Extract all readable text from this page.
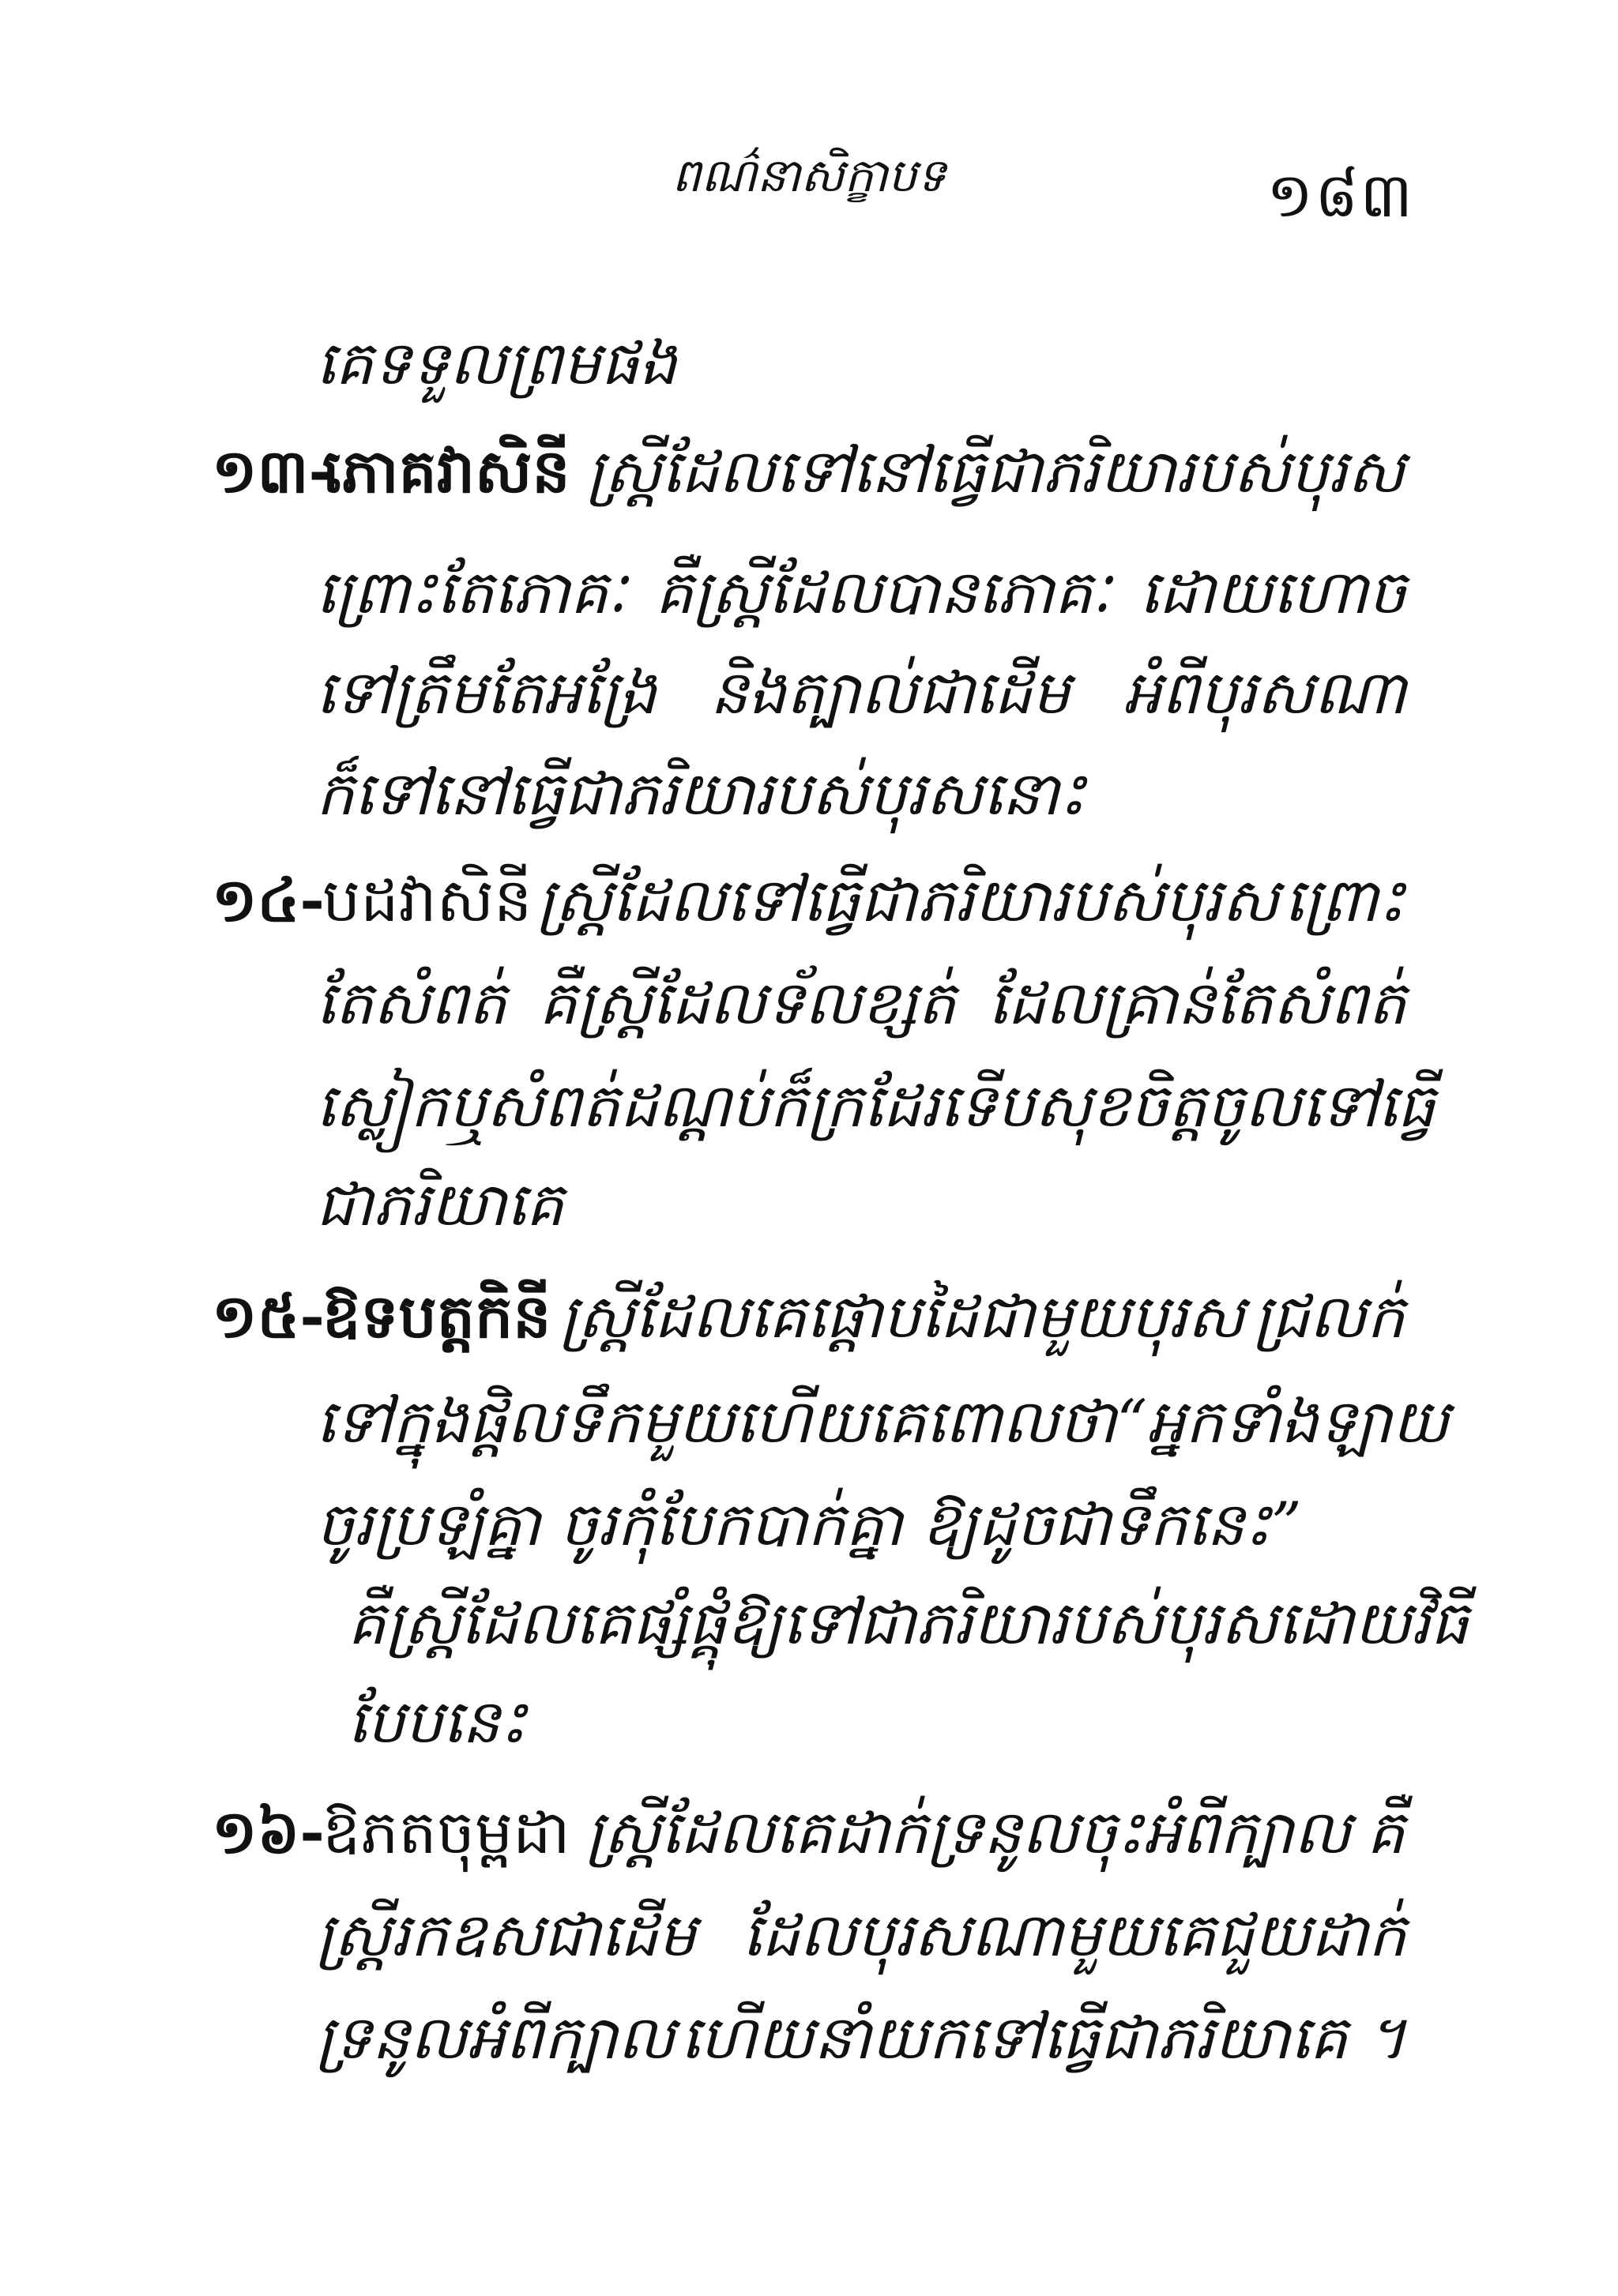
ពណ៌នាសិក្ខាបទ	១៨៣
គេទទួលព្រមផង
១៣-
ភោគវាសិនី ស្ត្រីដែលទៅនៅធ្វើជាភរិយារបស់បុរស
ព្រោះតែភោគៈ គឺស្ត្រីដែលបានភោគៈ ដោយហោច
ទៅត្រឹមតែអង្រែ និងត្បាល់ជាដើម អំពីបុរសណា
ក៏ទៅនៅធ្វើជាភរិយារបស់បុរសនោះ
១៤-
បដវាសិនី ស្ត្រីដែលទៅធ្វើជាភរិយារបស់បុរស ព្រោះ
តែសំពត់ គឺស្ត្រីដែលទ័លខ្សត់ ដែលគ្រាន់តែសំពត់
ស្លៀកឬសំពត់ដណ្តប់ក៏ក្រដែរ ទើបសុខចិត្តចូលទៅធ្វើ
ជាភរិយាគេ
១៥-
ឱទបត្តកិនី ស្ត្រីដែលគេផ្តោបដៃជាមួយបុរស ជ្រលក់
ទៅក្នុងផ្តិលទឹកមួយ ហើយគេពោលថា “អ្នកទាំងឡាយ
ចូរប្រឡំគ្នា ចូរកុំបែកបាក់គ្នា ឱ្យដូចជាទឹកនេះ”
គឺស្ត្រីដែលគេផ្សំផ្គុំឱ្យទៅជាភរិយារបស់បុរសដោយវិធី
បែបនេះ
១៦-
ឱភតចុម្ពដា ស្ត្រីដែលគេដាក់ទ្រនូលចុះអំពីក្បាល គឺ
ស្ត្រីរកឧសជាដើម ដែលបុរសណាមួយគេជួយដាក់
ទ្រនូលអំពីក្បាល ហើយនាំយកទៅធ្វើជាភរិយាគេ ។
